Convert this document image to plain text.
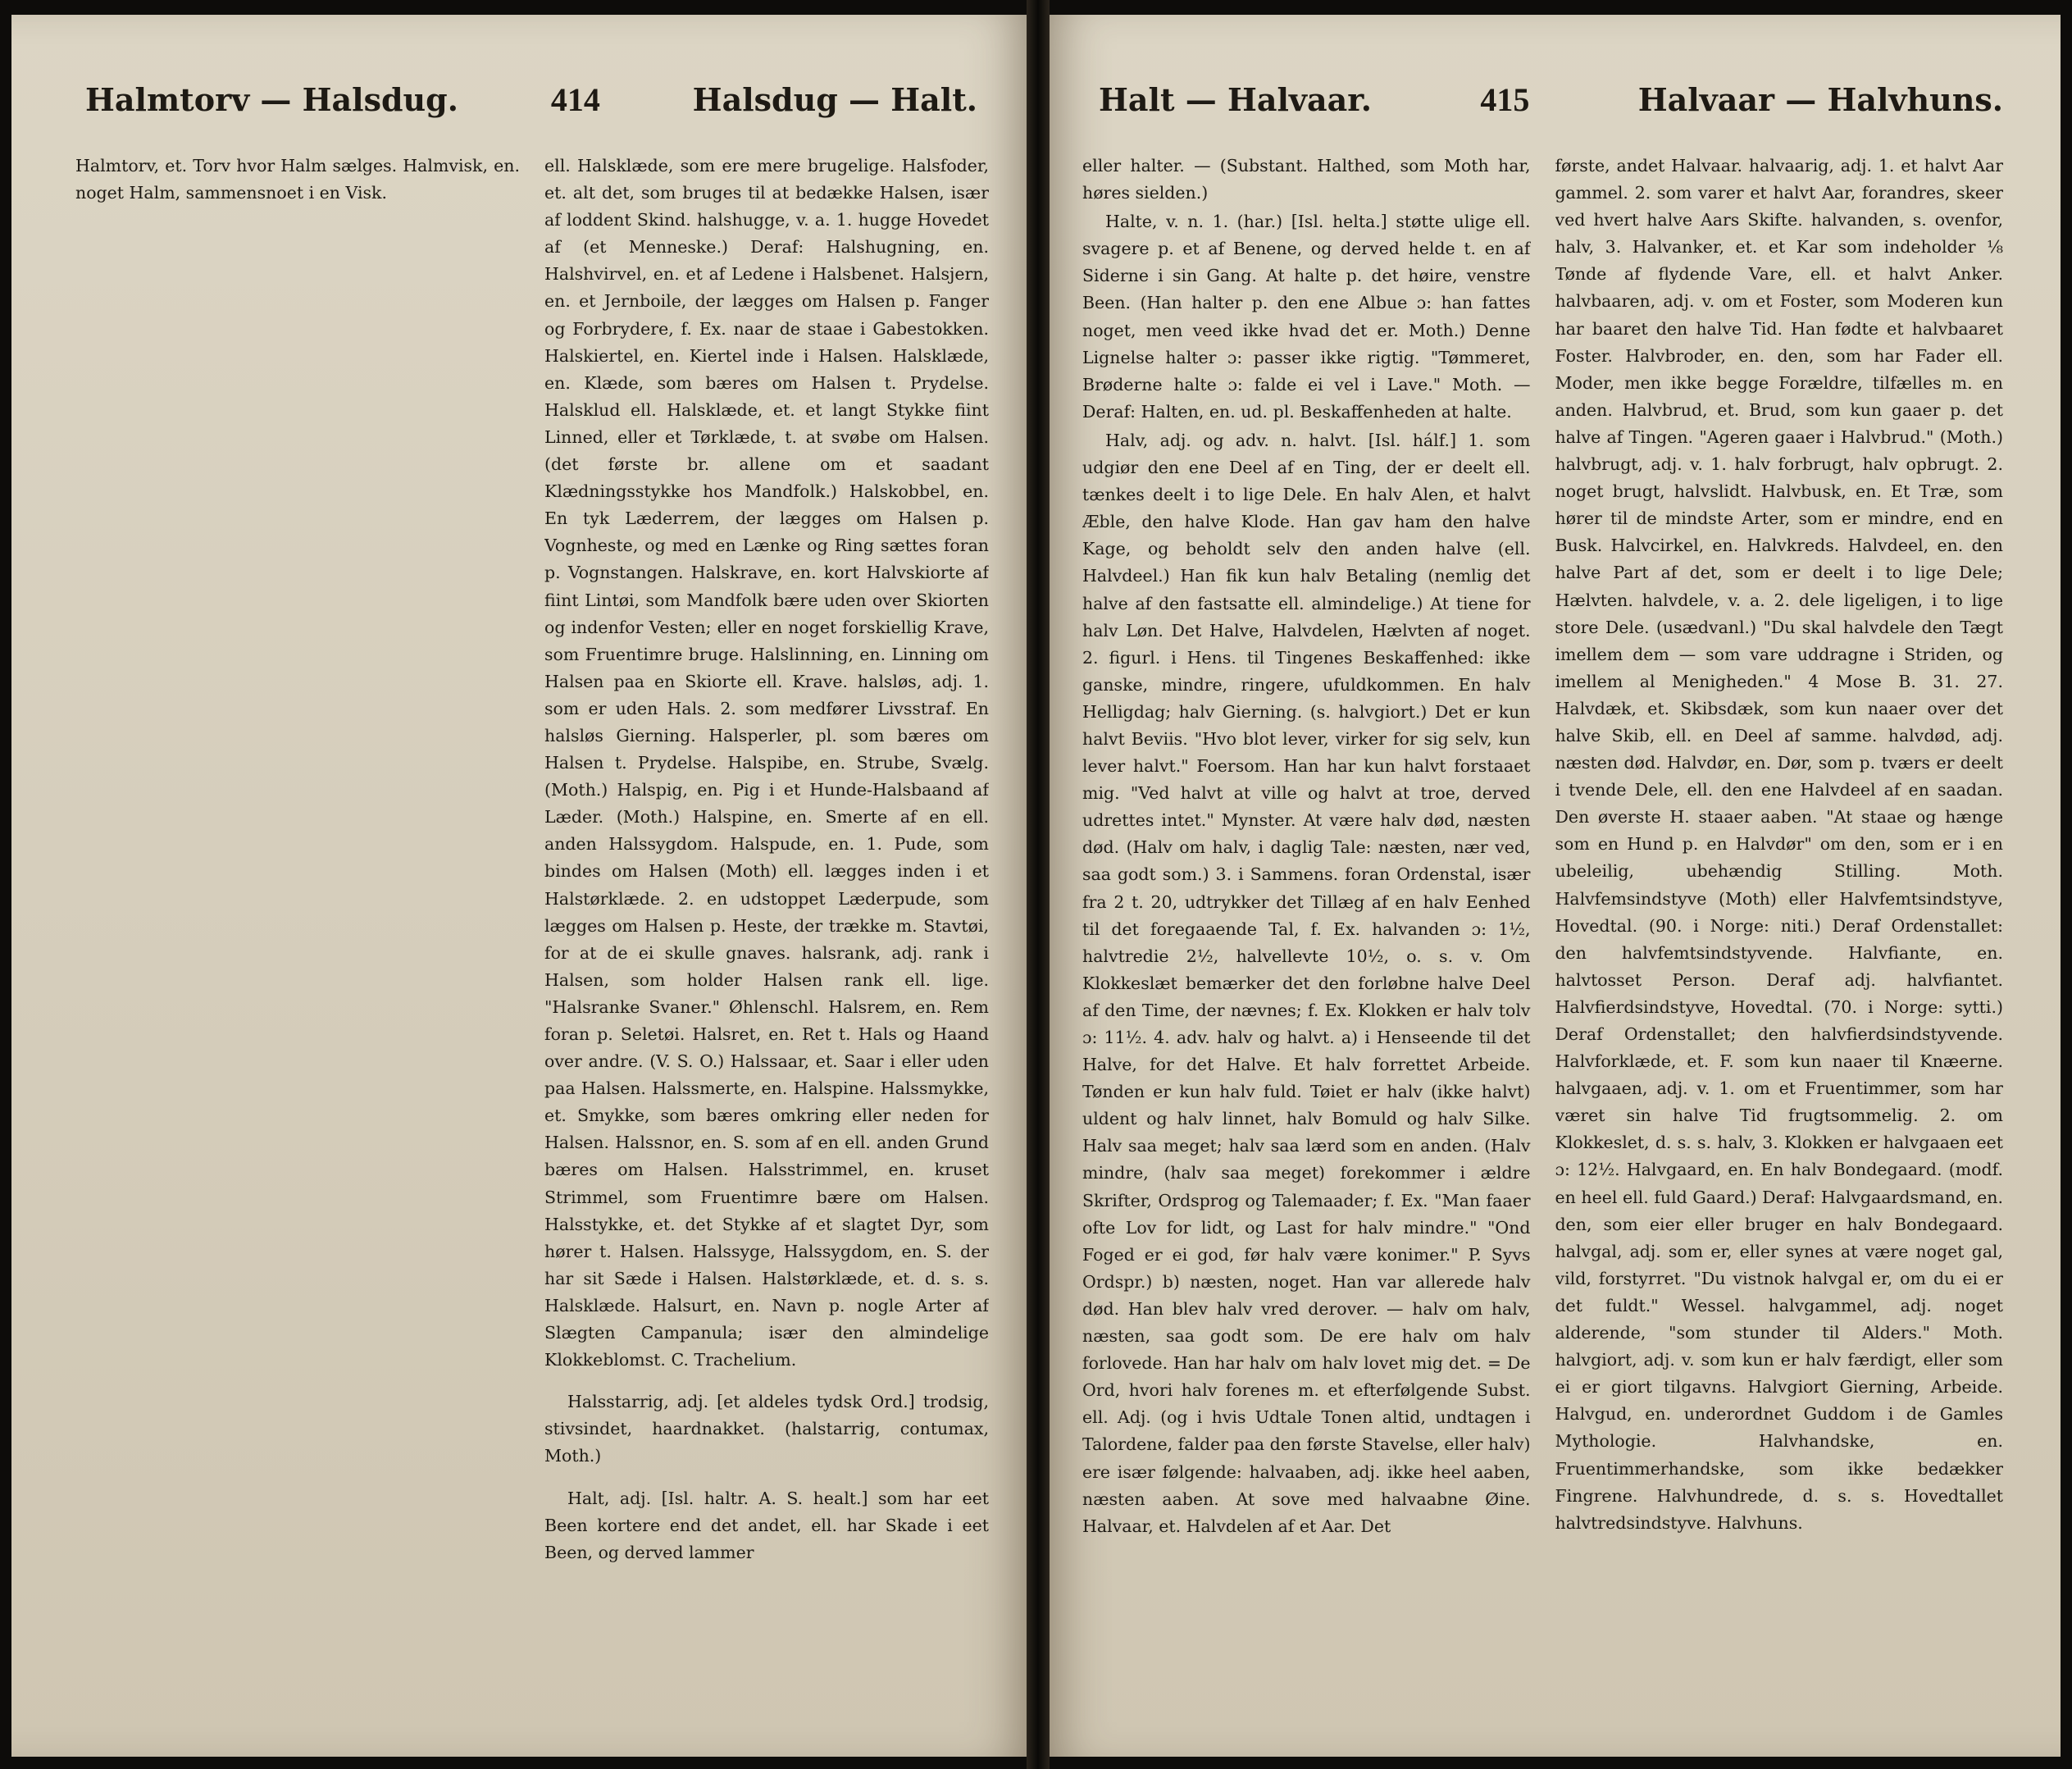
Halmtorv — Halsdug.	414	Halsdug — Halt.

Halmtorv, et. Torv hvor Halm sælges. Halmvisk, en. noget Halm, sammensnoet i en Visk.

ell. Halsklæde, som ere mere brugelige. Halsfoder, et. alt det, som bruges til at bedække Halsen, især af loddent Skind. halshugge, v. a. 1. hugge Hovedet af (et Menneske.) Deraf: Halshugning, en. Halshvirvel, en. et af Ledene i Halsbenet. Halsjern, en. et Jernboile, der lægges om Halsen p. Fanger og Forbrydere, f. Ex. naar de staae i Gabestokken. Halskiertel, en. Kiertel inde i Halsen. Halsklæde, en. Klæde, som bæres om Halsen t. Prydelse. Halsklud ell. Halsklæde, et. et langt Stykke fiint Linned, eller et Tørklæde, t. at svøbe om Halsen. (det første br. allene om et saadant Klædningsstykke hos Mandfolk.) Halskobbel, en. En tyk Læderrem, der lægges om Halsen p. Vognheste, og med en Lænke og Ring sættes foran p. Vognstangen. Halskrave, en. kort Halvskiorte af fiint Lintøi, som Mandfolk bære uden over Skiorten og indenfor Vesten; eller en noget forskiellig Krave, som Fruentimre bruge. Halslinning, en. Linning om Halsen paa en Skiorte ell. Krave. halsløs, adj. 1. som er uden Hals. 2. som medfører Livsstraf. En halsløs Gierning. Halsperler, pl. som bæres om Halsen t. Prydelse. Halspibe, en. Strube, Svælg. (Moth.) Halspig, en. Pig i et Hunde-Halsbaand af Læder. (Moth.) Halspine, en. Smerte af en ell. anden Halssygdom. Halspude, en. 1. Pude, som bindes om Halsen (Moth) ell. lægges inden i et Halstørklæde. 2. en udstoppet Læderpude, som lægges om Halsen p. Heste, der trække m. Stavtøi, for at de ei skulle gnaves. halsrank, adj. rank i Halsen, som holder Halsen rank ell. lige. "Halsranke Svaner." Øhlenschl. Halsrem, en. Rem foran p. Seletøi. Halsret, en. Ret t. Hals og Haand over andre. (V. S. O.) Halssaar, et. Saar i eller uden paa Halsen. Halssmerte, en. Halspine. Halssmykke, et. Smykke, som bæres omkring eller neden for Halsen. Halssnor, en. S. som af en ell. anden Grund bæres om Halsen. Halsstrimmel, en. kruset Strimmel, som Fruentimre bære om Halsen. Halsstykke, et. det Stykke af et slagtet Dyr, som hører t. Halsen. Halssyge, Halssygdom, en. S. der har sit Sæde i Halsen. Halstørklæde, et. d. s. s. Halsklæde. Halsurt, en. Navn p. nogle Arter af Slægten Campanula; især den almindelige Klokkeblomst. C. Trachelium.

Halsstarrig, adj. [et aldeles tydsk Ord.] trodsig, stivsindet, haardnakket. (halstarrig, contumax, Moth.)

Halt, adj. [Isl. haltr. A. S. healt.] som har eet Been kortere end det andet, ell. har Skade i eet Been, og derved lammer

Halt — Halvaar.	415	Halvaar — Halvhuns.

eller halter. — (Substant. Halthed, som Moth har, høres sielden.)

Halte, v. n. 1. (har.) [Isl. helta.] støtte ulige ell. svagere p. et af Benene, og derved helde t. en af Siderne i sin Gang. At halte p. det høire, venstre Been. (Han halter p. den ene Albue ɔ: han fattes noget, men veed ikke hvad det er. Moth.) Denne Lignelse halter ɔ: passer ikke rigtig. "Tømmeret, Brøderne halte ɔ: falde ei vel i Lave." Moth. — Deraf: Halten, en. ud. pl. Beskaffenheden at halte.

Halv, adj. og adv. n. halvt. [Isl. hálf.] 1. som udgiør den ene Deel af en Ting, der er deelt ell. tænkes deelt i to lige Dele. En halv Alen, et halvt Æble, den halve Klode. Han gav ham den halve Kage, og beholdt selv den anden halve (ell. Halvdeel.) Han fik kun halv Betaling (nemlig det halve af den fastsatte ell. almindelige.) At tiene for halv Løn. Det Halve, Halvdelen, Hælvten af noget. 2. figurl. i Hens. til Tingenes Beskaffenhed: ikke ganske, mindre, ringere, ufuldkommen. En halv Helligdag; halv Gierning. (s. halvgiort.) Det er kun halvt Beviis. "Hvo blot lever, virker for sig selv, kun lever halvt." Foersom. Han har kun halvt forstaaet mig. "Ved halvt at ville og halvt at troe, derved udrettes intet." Mynster. At være halv død, næsten død. (Halv om halv, i daglig Tale: næsten, nær ved, saa godt som.) 3. i Sammens. foran Ordenstal, især fra 2 t. 20, udtrykker det Tillæg af en halv Eenhed til det foregaaende Tal, f. Ex. halvanden ɔ: 1½, halvtredie 2½, halvellevte 10½, o. s. v. Om Klokkeslæt bemærker det den forløbne halve Deel af den Time, der nævnes; f. Ex. Klokken er halv tolv ɔ: 11½. 4. adv. halv og halvt. a) i Henseende til det Halve, for det Halve. Et halv forrettet Arbeide. Tønden er kun halv fuld. Tøiet er halv (ikke halvt) uldent og halv linnet, halv Bomuld og halv Silke. Halv saa meget; halv saa lærd som en anden. (Halv mindre, (halv saa meget) forekommer i ældre Skrifter, Ordsprog og Talemaader; f. Ex. "Man faaer ofte Lov for lidt, og Last for halv mindre." "Ond Foged er ei god, før halv være konimer." P. Syvs Ordspr.) b) næsten, noget. Han var allerede halv død. Han blev halv vred derover. — halv om halv, næsten, saa godt som. De ere halv om halv forlovede. Han har halv om halv lovet mig det. = De Ord, hvori halv forenes m. et efterfølgende Subst. ell. Adj. (og i hvis Udtale Tonen altid, undtagen i Talordene, falder paa den første Stavelse, eller halv) ere især følgende: halvaaben, adj. ikke heel aaben, næsten aaben. At sove med halvaabne Øine. Halvaar, et. Halvdelen af et Aar. Det

første, andet Halvaar. halvaarig, adj. 1. et halvt Aar gammel. 2. som varer et halvt Aar, forandres, skeer ved hvert halve Aars Skifte. halvanden, s. ovenfor, halv, 3. Halvanker, et. et Kar som indeholder ⅛ Tønde af flydende Vare, ell. et halvt Anker. halvbaaren, adj. v. om et Foster, som Moderen kun har baaret den halve Tid. Han fødte et halvbaaret Foster. Halvbroder, en. den, som har Fader ell. Moder, men ikke begge Forældre, tilfælles m. en anden. Halvbrud, et. Brud, som kun gaaer p. det halve af Tingen. "Ageren gaaer i Halvbrud." (Moth.) halvbrugt, adj. v. 1. halv forbrugt, halv opbrugt. 2. noget brugt, halvslidt. Halvbusk, en. Et Træ, som hører til de mindste Arter, som er mindre, end en Busk. Halvcirkel, en. Halvkreds. Halvdeel, en. den halve Part af det, som er deelt i to lige Dele; Hælvten. halvdele, v. a. 2. dele ligeligen, i to lige store Dele. (usædvanl.) "Du skal halvdele den Tægt imellem dem — som vare uddragne i Striden, og imellem al Menigheden." 4 Mose B. 31. 27. Halvdæk, et. Skibsdæk, som kun naaer over det halve Skib, ell. en Deel af samme. halvdød, adj. næsten død. Halvdør, en. Dør, som p. tværs er deelt i tvende Dele, ell. den ene Halvdeel af en saadan. Den øverste H. staaer aaben. "At staae og hænge som en Hund p. en Halvdør" om den, som er i en ubeleilig, ubehændig Stilling. Moth. Halvfemsindstyve (Moth) eller Halvfemtsindstyve, Hovedtal. (90. i Norge: niti.) Deraf Ordenstallet: den halvfemtsindstyvende. Halvfiante, en. halvtosset Person. Deraf adj. halvfiantet. Halvfierdsindstyve, Hovedtal. (70. i Norge: sytti.) Deraf Ordenstallet; den halvfierdsindstyvende. Halvforklæde, et. F. som kun naaer til Knæerne. halvgaaen, adj. v. 1. om et Fruentimmer, som har været sin halve Tid frugtsommelig. 2. om Klokkeslet, d. s. s. halv, 3. Klokken er halvgaaen eet ɔ: 12½. Halvgaard, en. En halv Bondegaard. (modf. en heel ell. fuld Gaard.) Deraf: Halvgaardsmand, en. den, som eier eller bruger en halv Bondegaard. halvgal, adj. som er, eller synes at være noget gal, vild, forstyrret. "Du vistnok halvgal er, om du ei er det fuldt." Wessel. halvgammel, adj. noget alderende, "som stunder til Alders." Moth. halvgiort, adj. v. som kun er halv færdigt, eller som ei er giort tilgavns. Halvgiort Gierning, Arbeide. Halvgud, en. underordnet Guddom i de Gamles Mythologie. Halvhandske, en. Fruentimmerhandske, som ikke bedækker Fingrene. Halvhundrede, d. s. s. Hovedtallet halvtredsindstyve. Halvhuns.
